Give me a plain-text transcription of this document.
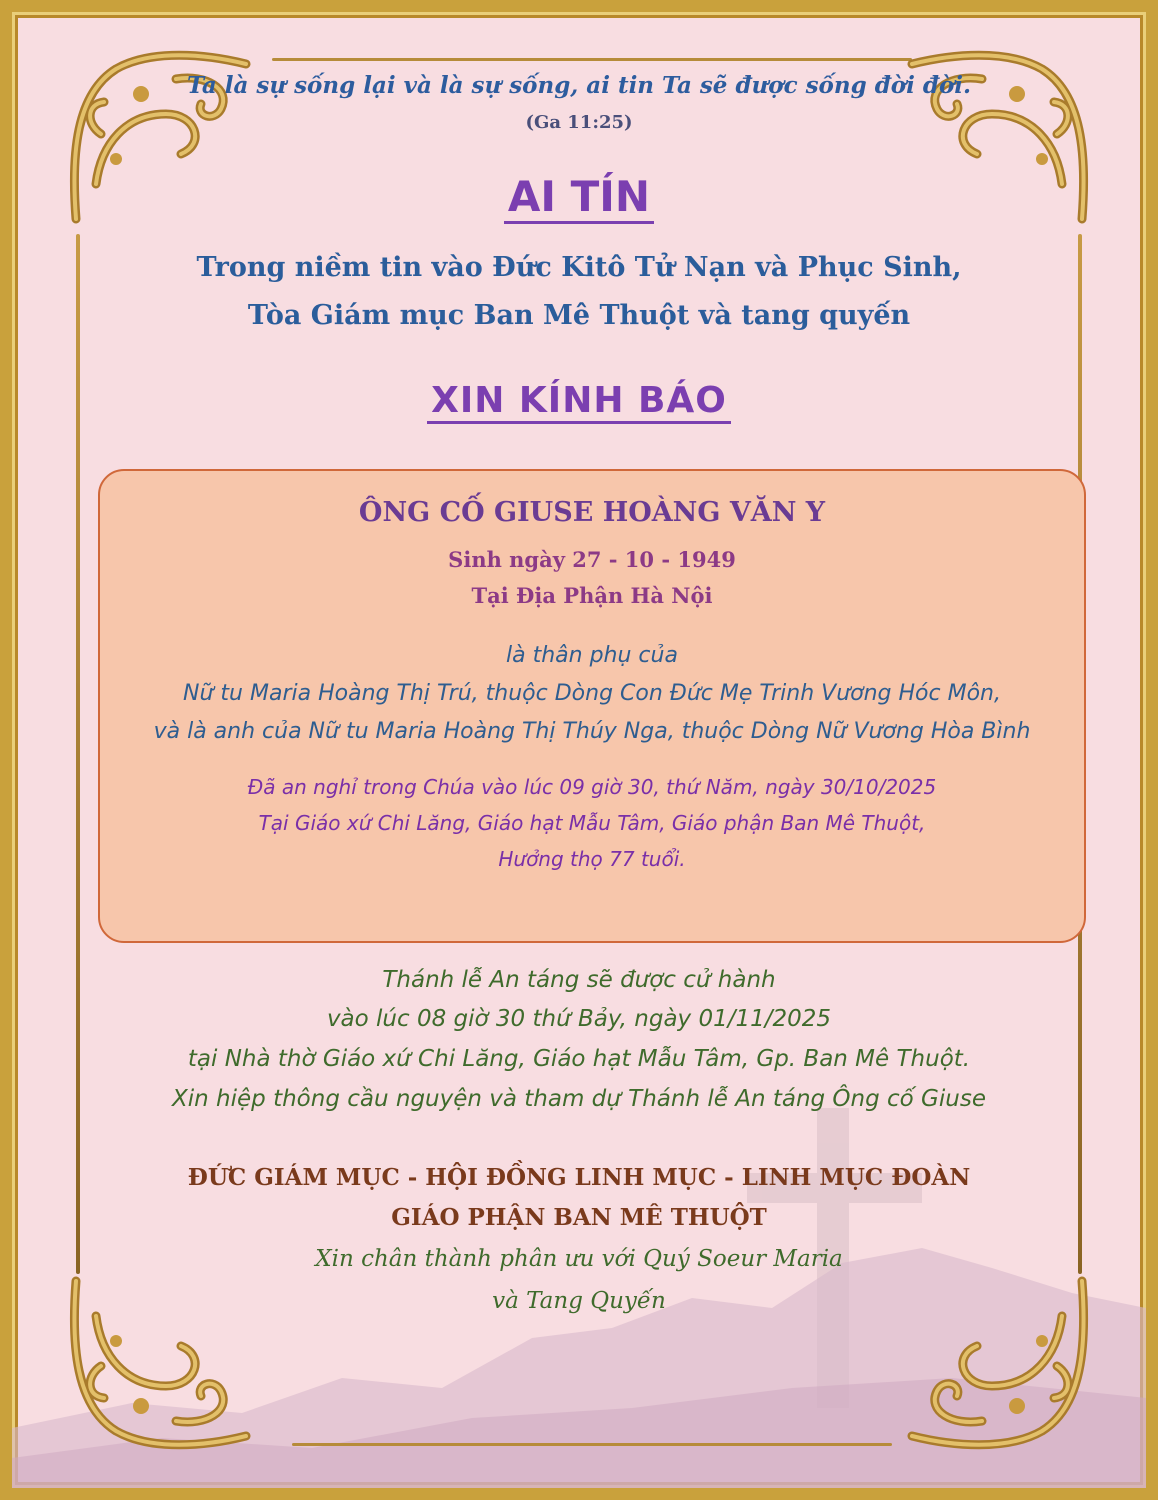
Ta là sự sống lại và là sự sống, ai tin Ta sẽ được sống đời đời.
(Ga 11:25)
AI TÍN
Trong niềm tin vào Đức Kitô Tử Nạn và Phục Sinh,
Tòa Giám mục Ban Mê Thuột và tang quyến
XIN KÍNH BÁO
ÔNG CỐ GIUSE HOÀNG VĂN Y
Sinh ngày 27 - 10 - 1949
Tại Địa Phận Hà Nội
là thân phụ của
Nữ tu Maria Hoàng Thị Trú, thuộc Dòng Con Đức Mẹ Trinh Vương Hóc Môn,
và là anh của Nữ tu Maria Hoàng Thị Thúy Nga, thuộc Dòng Nữ Vương Hòa Bình
Đã an nghỉ trong Chúa vào lúc 09 giờ 30, thứ Năm, ngày 30/10/2025
Tại Giáo xứ Chi Lăng, Giáo hạt Mẫu Tâm, Giáo phận Ban Mê Thuột,
Hưởng thọ 77 tuổi.
Thánh lễ An táng sẽ được cử hành
vào lúc 08 giờ 30 thứ Bảy, ngày 01/11/2025
tại Nhà thờ Giáo xứ Chi Lăng, Giáo hạt Mẫu Tâm, Gp. Ban Mê Thuột.
Xin hiệp thông cầu nguyện và tham dự Thánh lễ An táng Ông cố Giuse
ĐỨC GIÁM MỤC - HỘI ĐỒNG LINH MỤC - LINH MỤC ĐOÀN
GIÁO PHẬN BAN MÊ THUỘT
Xin chân thành phân ưu với Quý Soeur Maria
và Tang Quyến
